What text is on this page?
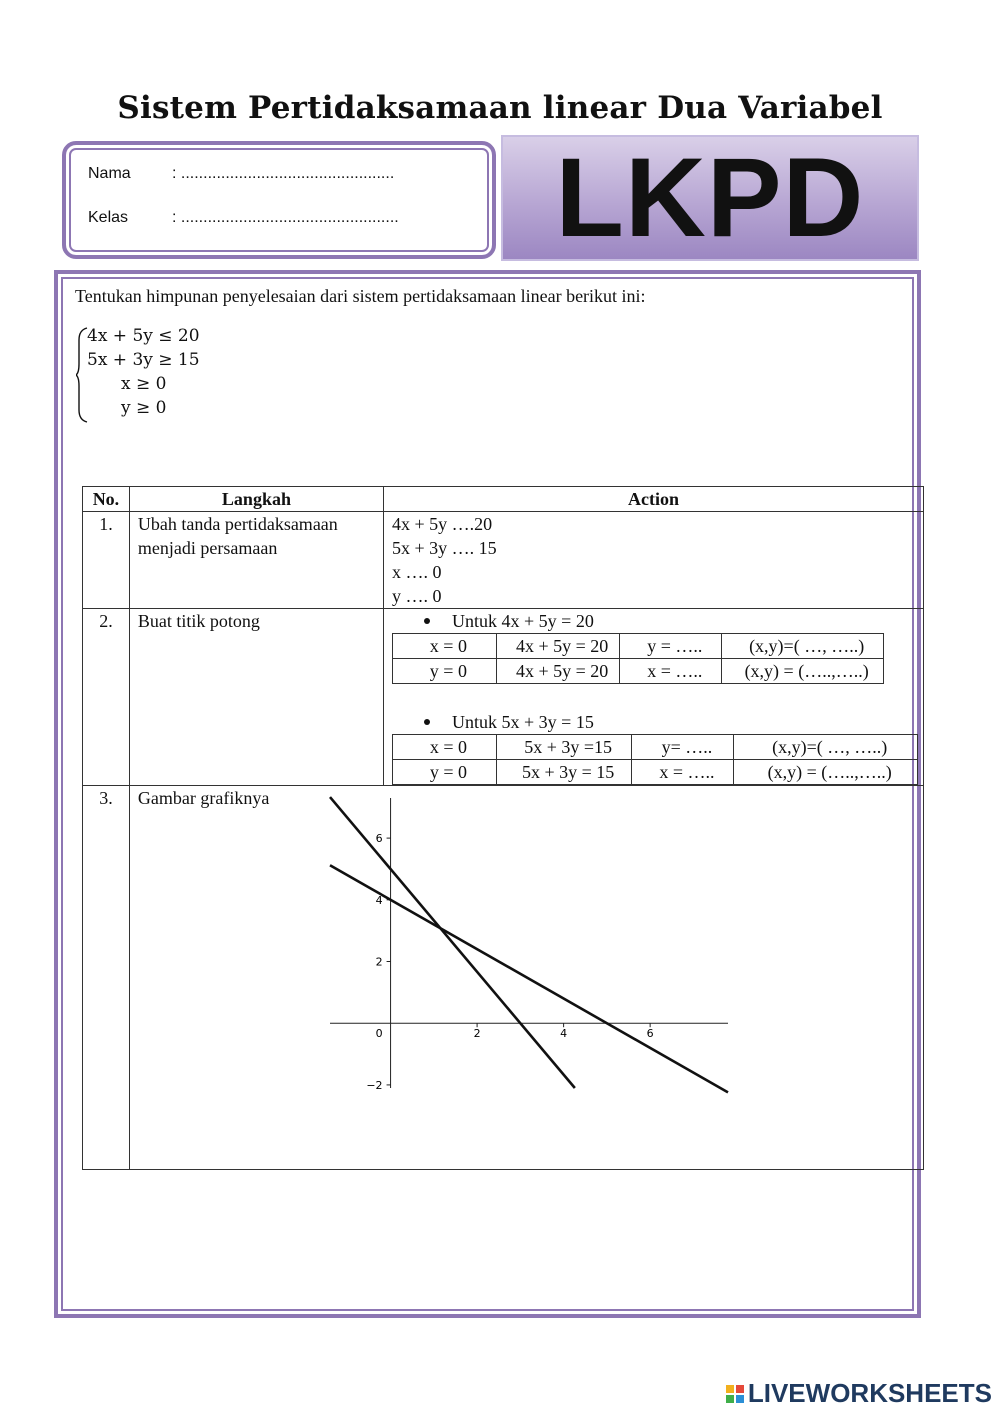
Sistem Pertidaksamaan linear Dua Variabel
Nama	: ................................................
Kelas	: ................................................. LKPD
Tentukan himpunan penyelesaian dari sistem pertidaksamaan linear berikut ini:
4x + 5y ≤ 20
5x + 3y ≥ 15
x ≥ 0
y ≥ 0
No.	Langkah	Action
1.	Ubah tanda pertidaksamaan menjadi persamaan	
4x + 5y ….20
5x + 3y …. 15
x …. 0
y …. 0

2.	Buat titik potong	Untuk 4x + 5y = 20
x = 0	4x + 5y = 20	y = …..	(x,y)=( …, …..)
y = 0	4x + 5y = 20	x = …..	(x,y) = (…..,…..)
Untuk 5x + 3y = 15
x = 0	5x + 3y =15	y= …..	(x,y)=( …, …..)
y = 0	5x + 3y = 15	x = …..	(x,y) = (…..,…..)

3.	Gambar grafiknya
2	4	6
6
4
2
0
−2
LIVEWORKSHEETS
